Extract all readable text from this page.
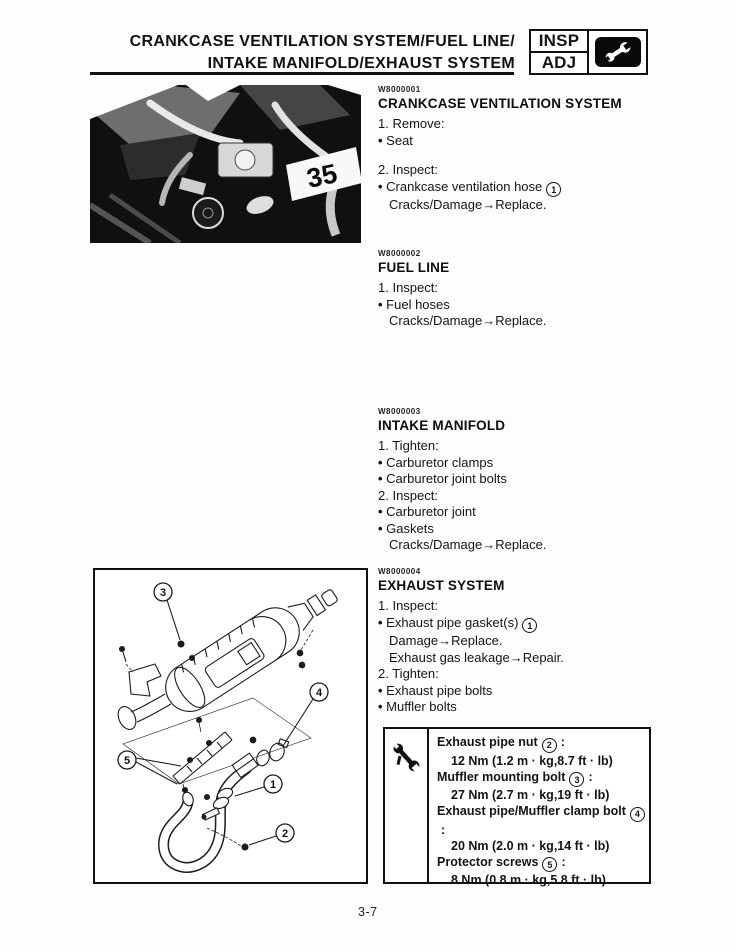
CRANKCASE VENTILATION SYSTEM/FUEL LINE/
INTAKE MANIFOLD/EXHAUST SYSTEM
INSP
ADJ
35
3
4
5
1
2
W8000001
CRANKCASE VENTILATION SYSTEM
1. Remove:
• Seat
2. Inspect:
• Crankcase ventilation hose 1
Cracks/Damage→Replace.
W8000002
FUEL LINE
1. Inspect:
• Fuel hoses
Cracks/Damage→Replace.
W8000003
INTAKE MANIFOLD
1. Tighten:
• Carburetor clamps
• Carburetor joint bolts
2. Inspect:
• Carburetor joint
• Gaskets
Cracks/Damage→Replace.
W8000004
EXHAUST SYSTEM
1. Inspect:
• Exhaust pipe gasket(s) 1
Damage→Replace.
Exhaust gas leakage→Repair.
2. Tighten:
• Exhaust pipe bolts
• Muffler bolts
Exhaust pipe nut 2 :
12 Nm (1.2 m · kg,8.7 ft · lb)
Muffler mounting bolt 3 :
27 Nm (2.7 m · kg,19 ft · lb)
Exhaust pipe/Muffler clamp bolt 4:
20 Nm (2.0 m · kg,14 ft · lb)
Protector screws 5 :
8 Nm (0.8 m · kg,5.8 ft · lb)
3-7
